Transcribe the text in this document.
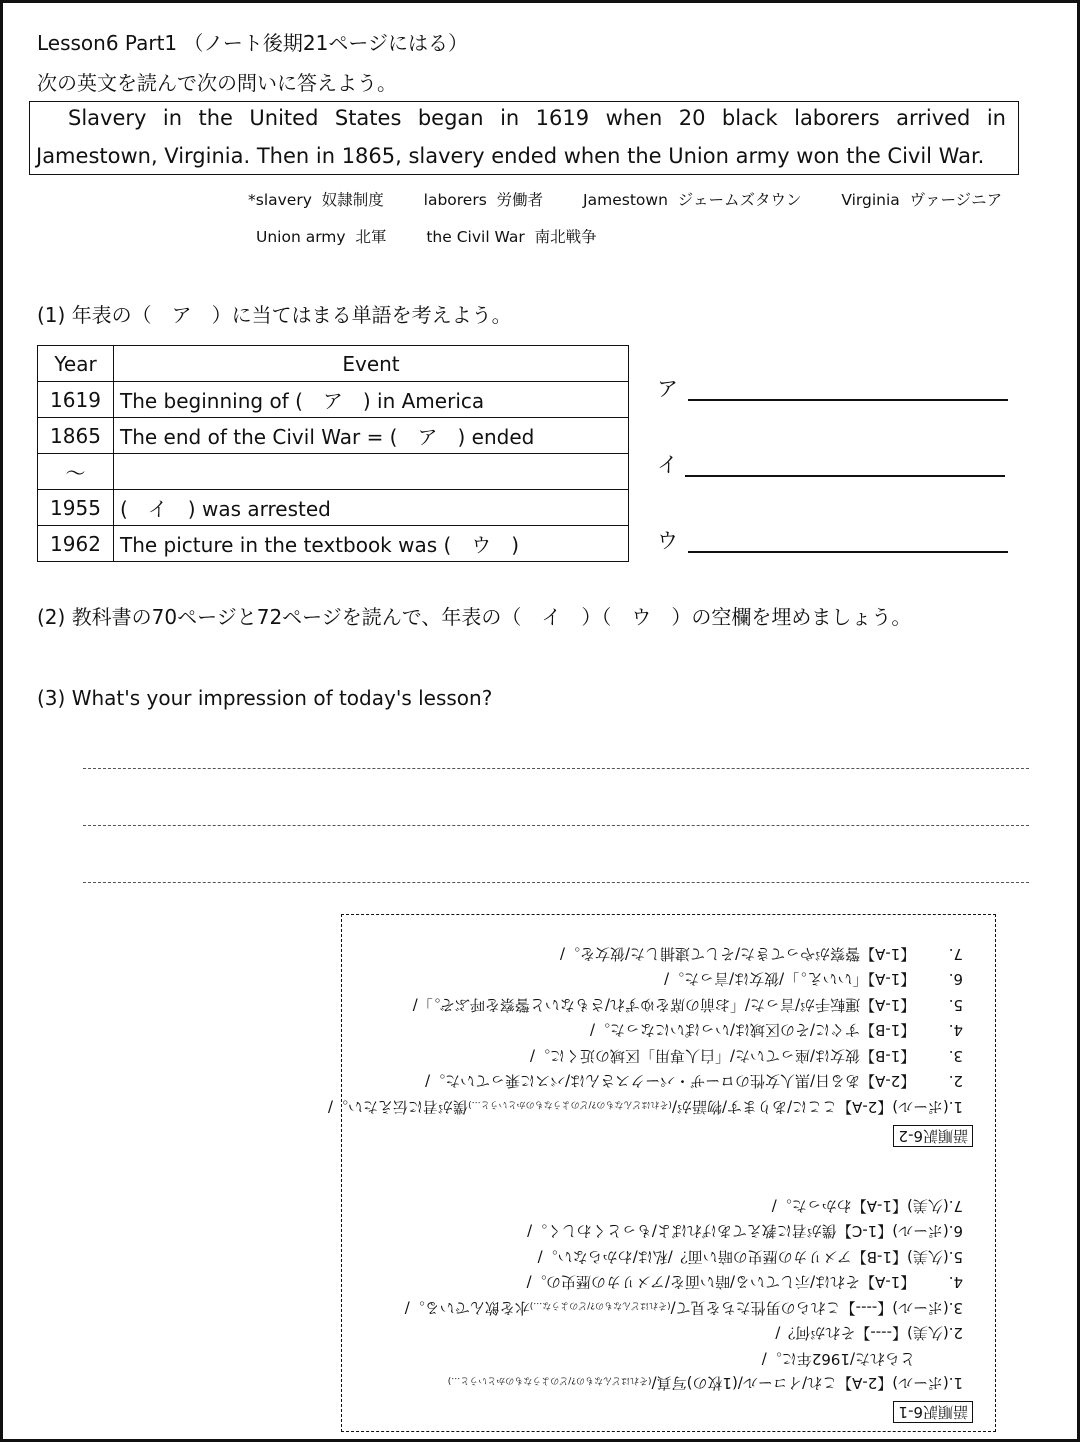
Lesson6 Part1 （ノート後期21ページにはる）
次の英文を読んで次の問いに答えよう。
Slavery in the United States began in 1619 when 20 black laborers arrived in
Jamestown, Virginia. Then in 1865, slavery ended when the Union army won the Civil War.
*slavery 奴隷制度	laborers 労働者	Jamestown ジェームズタウン	Virginia ヴァージニア
Union army 北軍	the Civil War 南北戦争
(1) 年表の（　ア　）に当てはまる単語を考えよう。
Year	Event
1619	The beginning of (　ア　) in America
1865	The end of the Civil War = (　ア　) ended
～	
1955	(　イ　) was arrested
1962	The picture in the textbook was (　ウ　)
ア
イ
ウ
(2) 教科書の70ページと72ページを読んで、年表の（　イ　）（　ウ　）の空欄を埋めましょう。
(3) What's your impression of today's lesson?
語順訳6-1
1.(ポール)【2-A】これ/イコール/(1枚の)写真/(それはどんなもの?/どのようなものかというと…)
とられた/1962年に。/
2.(久美)【----】それが何？/
3.(ポール)【----】これらの男性たちを見て/(それはどんなもの?/どのような…)水を飲んでいる。/
4.       【1-A】それは/示している/暗い面を/アメリカの歴史の。/
5.(久美)【1-B】アメリカの歴史の暗い面？/私は/わからない。/
6.(ポール)【1-C】僕が君に教えてあげればよ/もっとくわしく。/
7.(久美)【1-A】わかった。/
語順訳6-2
1.(ポール)【2-A】ここに/あります/物語が/(それはどんなもの?/どのようなものかというと…)僕が君に伝えたい。/
2.       【2-A】ある日/黒人女性のローザ・パークスさんは/バスに乗っていた。/
3.       【1-B】彼女は/座っていた/「白人専用」区域の近くに。/
4.       【1-B】すぐに/その区域は/いっぱいになった。/
5.       【1-A】運転手が/言った/「お前の席をゆずれ/さもないと警察を呼ぶぞ。」/
6.       【1-A】「いいえ。」/彼女は/言った。/
7.       【1-A】警察がやってきた/そして逮捕した/彼女を。/
